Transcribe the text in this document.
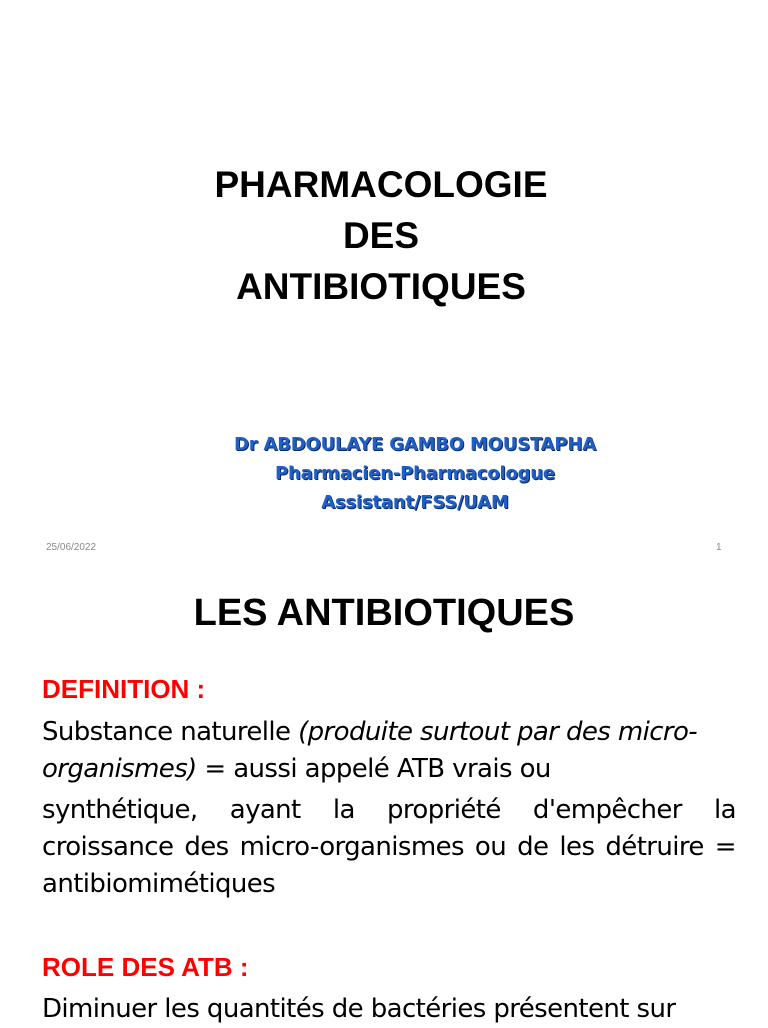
PHARMACOLOGIE
DES
ANTIBIOTIQUES
Dr ABDOULAYE GAMBO MOUSTAPHA
Pharmacien-Pharmacologue
Assistant/FSS/UAM
25/06/2022	1
LES ANTIBIOTIQUES
DEFINITION :

Substance naturelle (produite surtout par des micro-organismes) = aussi appelé ATB vrais ou

synthétique, ayant la propriété d'empêcher la croissance des micro-organismes ou de les détruire = antibiomimétiques

ROLE DES ATB :

Diminuer les quantités de bactéries présentent sur
